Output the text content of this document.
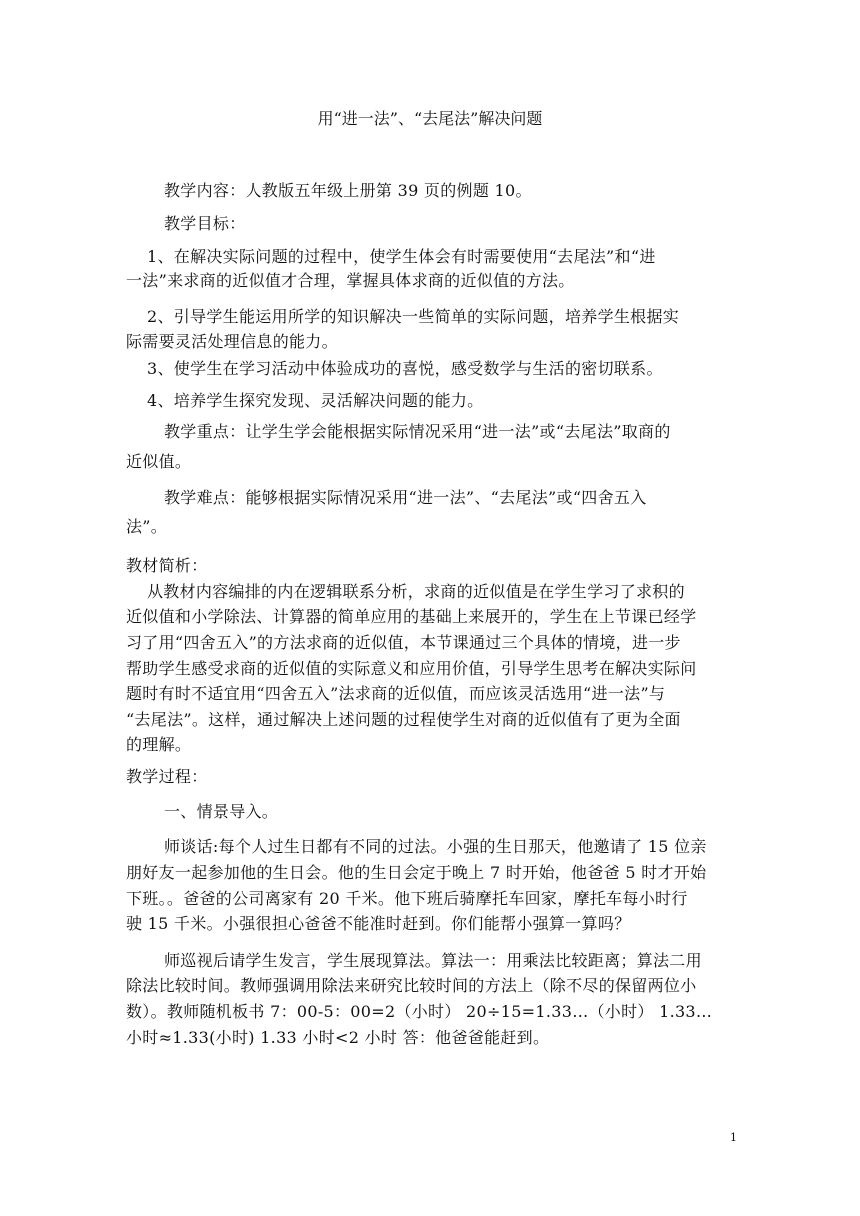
用“进一法”、“去尾法”解决问题
教学内容：人教版五年级上册第 39 页的例题 10。
教学目标：
1、在解决实际问题的过程中，使学生体会有时需要使用“去尾法”和“进
一法”来求商的近似值才合理，掌握具体求商的近似值的方法。
2、引导学生能运用所学的知识解决一些简单的实际问题，培养学生根据实
际需要灵活处理信息的能力。
3、使学生在学习活动中体验成功的喜悦，感受数学与生活的密切联系。
4、培养学生探究发现、灵活解决问题的能力。
教学重点：让学生学会能根据实际情况采用“进一法”或“去尾法”取商的
近似值。
教学难点：能够根据实际情况采用“进一法”、“去尾法”或“四舍五入
法”。
教材简析：
从教材内容编排的内在逻辑联系分析，求商的近似值是在学生学习了求积的
近似值和小学除法、计算器的简单应用的基础上来展开的，学生在上节课已经学
习了用“四舍五入”的方法求商的近似值，本节课通过三个具体的情境，进一步
帮助学生感受求商的近似值的实际意义和应用价值，引导学生思考在解决实际问
题时有时不适宜用“四舍五入”法求商的近似值，而应该灵活选用“进一法”与
“去尾法”。这样，通过解决上述问题的过程使学生对商的近似值有了更为全面
的理解。
教学过程：
一、情景导入。
师谈话:每个人过生日都有不同的过法。小强的生日那天，他邀请了 15 位亲
朋好友一起参加他的生日会。他的生日会定于晚上 7 时开始，他爸爸 5 时才开始
下班。。爸爸的公司离家有 20 千米。他下班后骑摩托车回家，摩托车每小时行
驶 15 千米。小强很担心爸爸不能准时赶到。你们能帮小强算一算吗？
师巡视后请学生发言，学生展现算法。算法一：用乘法比较距离；算法二用
除法比较时间。教师强调用除法来研究比较时间的方法上（除不尽的保留两位小
数）。教师随机板书 7：00-5：00=2（小时） 20÷15=1.33…（小时） 1.33…
小时≈1.33(小时) 1.33 小时<2 小时 答：他爸爸能赶到。
1
